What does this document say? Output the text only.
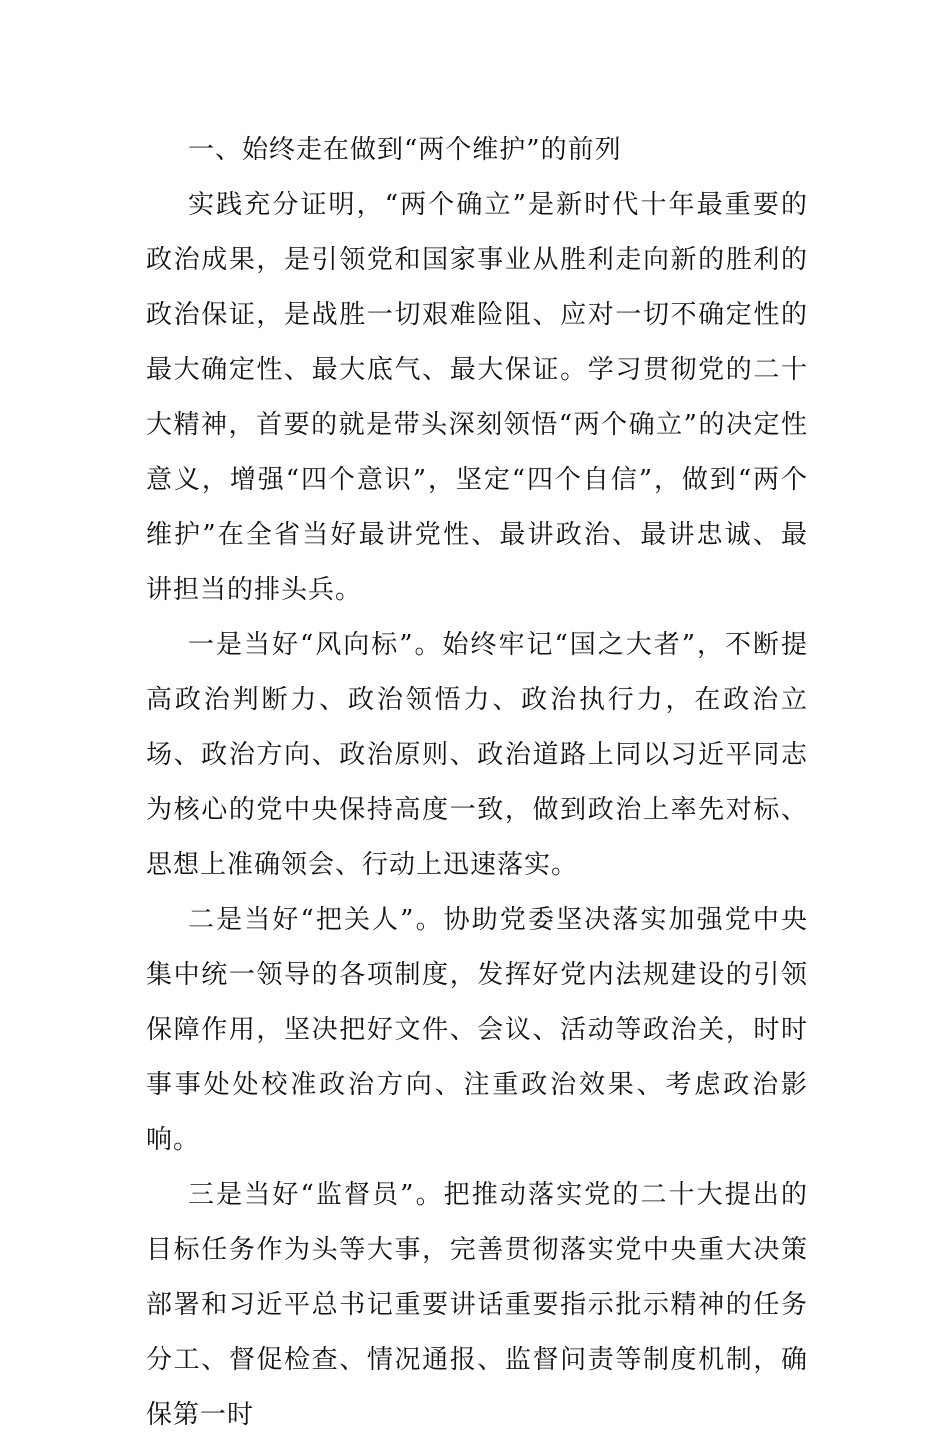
一、始终走在做到“两个维护”的前列

实践充分证明，“两个确立”是新时代十年最重要的政治成果，是引领党和国家事业从胜利走向新的胜利的政治保证，是战胜一切艰难险阻、应对一切不确定性的最大确定性、最大底气、最大保证。学习贯彻党的二十大精神，首要的就是带头深刻领悟“两个确立”的决定性意义，增强“四个意识”，坚定“四个自信”，做到“两个维护”在全省当好最讲党性、最讲政治、最讲忠诚、最讲担当的排头兵。

一是当好“风向标”。始终牢记“国之大者”，不断提高政治判断力、政治领悟力、政治执行力，在政治立场、政治方向、政治原则、政治道路上同以习近平同志为核心的党中央保持高度一致，做到政治上率先对标、思想上准确领会、行动上迅速落实。

二是当好“把关人”。协助党委坚决落实加强党中央集中统一领导的各项制度，发挥好党内法规建设的引领保障作用，坚决把好文件、会议、活动等政治关，时时事事处处校准政治方向、注重政治效果、考虑政治影响。

三是当好“监督员”。把推动落实党的二十大提出的目标任务作为头等大事，完善贯彻落实党中央重大决策部署和习近平总书记重要讲话重要指示批示精神的任务分工、督促检查、情况通报、监督问责等制度机制，确保第一时
